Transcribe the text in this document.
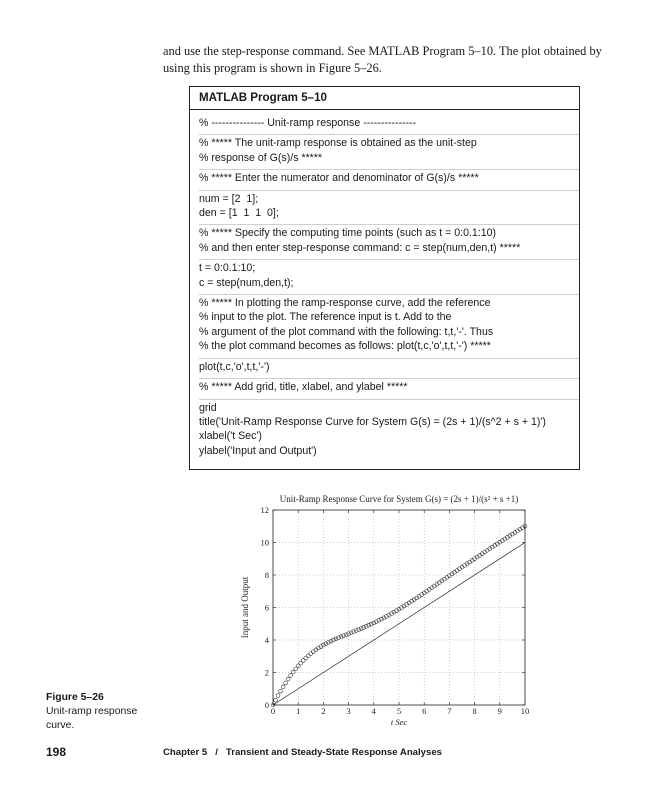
and use the step-response command. See MATLAB Program 5–10. The plot obtained by using this program is shown in Figure 5–26.
MATLAB Program 5–10
% --------------- Unit-ramp response ---------------
% ***** The unit-ramp response is obtained as the unit-step
% response of G(s)/s *****
% ***** Enter the numerator and denominator of G(s)/s *****
num = [2  1];
den = [1  1  1  0];
% ***** Specify the computing time points (such as t = 0:0.1:10)
% and then enter step-response command: c = step(num,den,t) *****
t = 0:0.1:10;
c = step(num,den,t);
% ***** In plotting the ramp-response curve, add the reference
% input to the plot. The reference input is t. Add to the
% argument of the plot command with the following: t,t,'-'. Thus
% the plot command becomes as follows: plot(t,c,'o',t,t,'-') *****
plot(t,c,'o',t,t,'-')
% ***** Add grid, title, xlabel, and ylabel *****
grid
title('Unit-Ramp Response Curve for System G(s) = (2s + 1)/(s^2 + s + 1)')
xlabel('t Sec')
ylabel('Input and Output')
0 1 2 3 4 5 6 7 8 9 10
0
2
4
6
8
10
12
Unit-Ramp Response Curve for System G(s) = (2s + 1)/(s² + s +1)
t Sec
Input and Output
Figure 5–26
Unit-ramp response curve.
198	Chapter 5   /   Transient and Steady-State Response Analyses
